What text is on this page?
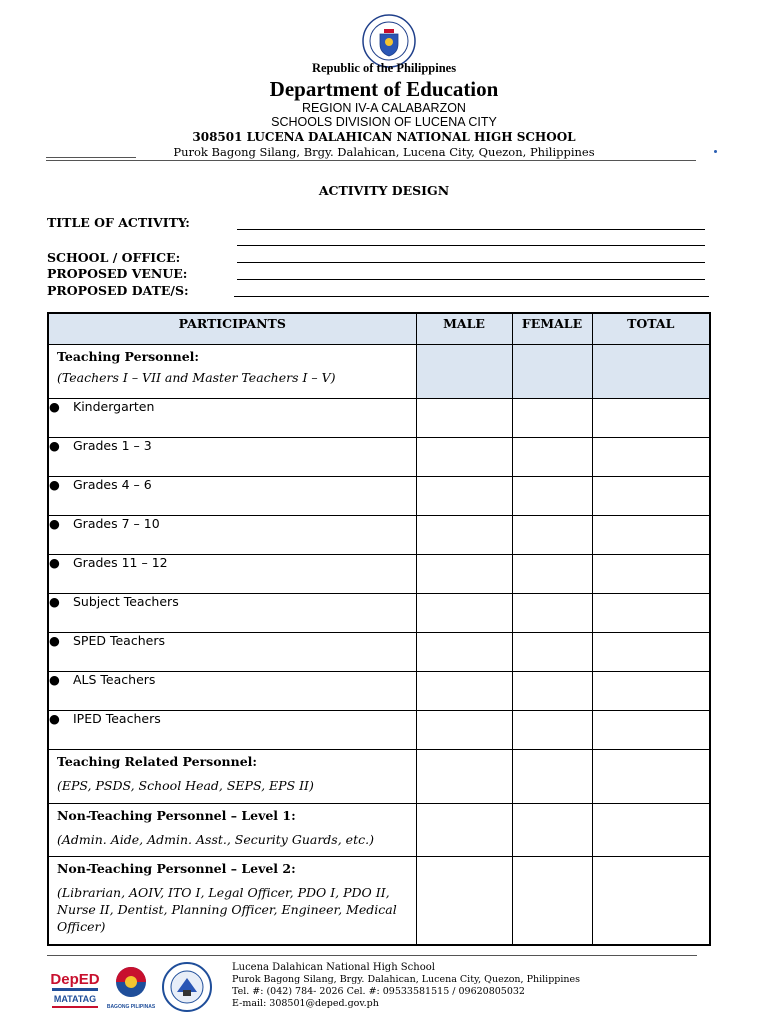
Republic of the Philippines
Department of Education
REGION IV-A CALABARZON
SCHOOLS DIVISION OF LUCENA CITY
308501 LUCENA DALAHICAN NATIONAL HIGH SCHOOL
Purok Bagong Silang, Brgy. Dalahican, Lucena City, Quezon, Philippines
ACTIVITY DESIGN
TITLE OF ACTIVITY:
SCHOOL / OFFICE:
PROPOSED VENUE:
PROPOSED DATE/S:
PARTICIPANTS	MALE	FEMALE	TOTAL

Teaching Personnel:
(Teachers I – VII and Master Teachers I – V)			

● Kindergarten			
● Grades 1 – 3			
● Grades 4 – 6			
● Grades 7 – 10			
● Grades 11 – 12			
● Subject Teachers			
● SPED Teachers			
● ALS Teachers			
● IPED Teachers			

Teaching Related Personnel:
(EPS, PSDS, School Head, SEPS, EPS II)			

Non-Teaching Personnel – Level 1:
(Admin. Aide, Admin. Asst., Security Guards, etc.)			

Non-Teaching Personnel – Level 2:
(Librarian, AOIV, ITO I, Legal Officer, PDO I, PDO II, Nurse II, Dentist, Planning Officer, Engineer, Medical Officer)			

DepED
MATATAG
BAGONG PILIPINAS
Lucena Dalahican National High School
Purok Bagong Silang, Brgy. Dalahican, Lucena City, Quezon, Philippines
Tel. #: (042) 784- 2026 Cel. #: 09533581515 / 09620805032
E-mail: 308501@deped.gov.ph
